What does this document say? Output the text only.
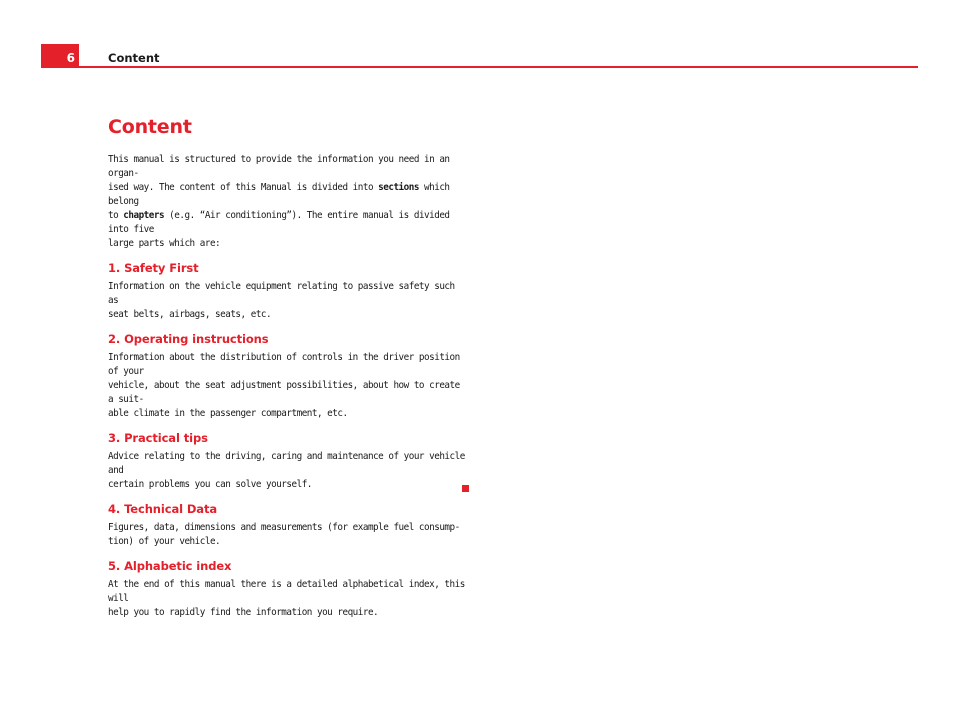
6	Content
Content

This manual is structured to provide the information you need in an organ-
ised way. The content of this Manual is divided into sections which belong
to chapters (e.g. “Air conditioning”). The entire manual is divided into five
large parts which are:

1. Safety First

Information on the vehicle equipment relating to passive safety such as
seat belts, airbags, seats, etc.

2. Operating instructions

Information about the distribution of controls in the driver position of your
vehicle, about the seat adjustment possibilities, about how to create a suit-
able climate in the passenger compartment, etc.

3. Practical tips

Advice relating to the driving, caring and maintenance of your vehicle and
certain problems you can solve yourself.

4. Technical Data

Figures, data, dimensions and measurements (for example fuel consump-
tion) of your vehicle.

5. Alphabetic index

At the end of this manual there is a detailed alphabetical index, this will
help you to rapidly find the information you require.
